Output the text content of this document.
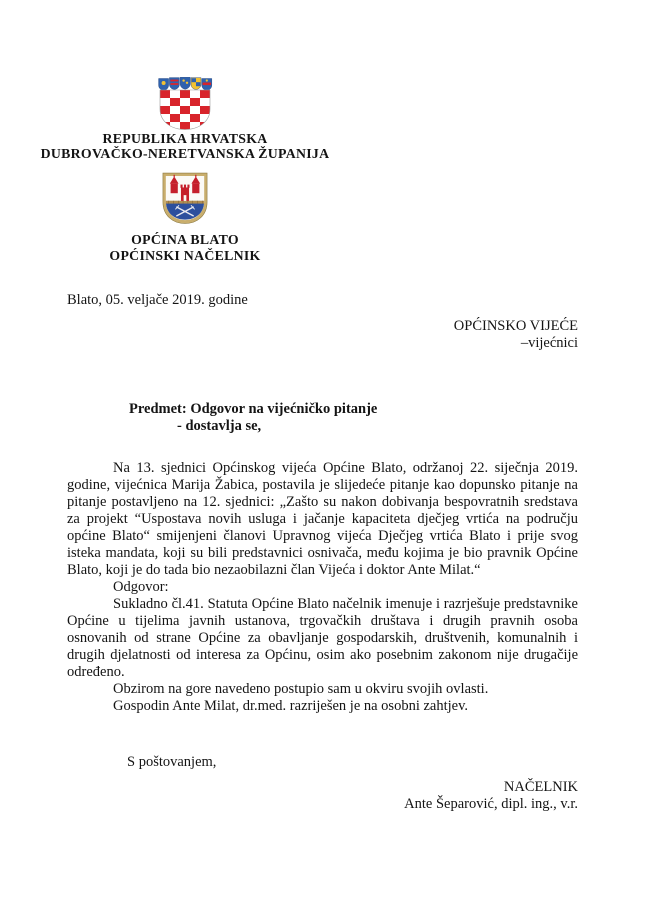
REPUBLIKA HRVATSKA
DUBROVAČKO-NERETVANSKA ŽUPANIJA
OPĆINA BLATO
OPĆINSKI NAČELNIK
Blato, 05. veljače 2019. godine
OPĆINSKO VIJEĆE
–vijećnici
Predmet: Odgovor na vijećničko pitanje
- dostavlja se,

Na 13. sjednici Općinskog vijeća Općine Blato, održanoj 22. siječnja 2019. godine, vijećnica Marija Žabica, postavila je slijedeće pitanje kao dopunsko pitanje na pitanje postavljeno na 12. sjednici: „Zašto su nakon dobivanja bespovratnih sredstava za projekt “Uspostava novih usluga i jačanje kapaciteta dječjeg vrtića na području općine Blato“ smijenjeni članovi Upravnog vijeća Dječjeg vrtića Blato i prije svog isteka mandata, koji su bili predstavnici osnivača, među kojima je bio pravnik Općine Blato, koji je do tada bio nezaobilazni član Vijeća i doktor Ante Milat.“

Odgovor:

Sukladno čl.41. Statuta Općine Blato načelnik imenuje i razrješuje predstavnike Općine u tijelima javnih ustanova, trgovačkih društava i drugih pravnih osoba osnovanih od strane Općine za obavljanje gospodarskih, društvenih, komunalnih i drugih djelatnosti od interesa za Općinu, osim ako posebnim zakonom nije drugačije određeno.

Obzirom na gore navedeno postupio sam u okviru svojih ovlasti.

Gospodin Ante Milat, dr.med. razriješen je na osobni zahtjev.

S poštovanjem,
NAČELNIK
Ante Šeparović, dipl. ing., v.r.
